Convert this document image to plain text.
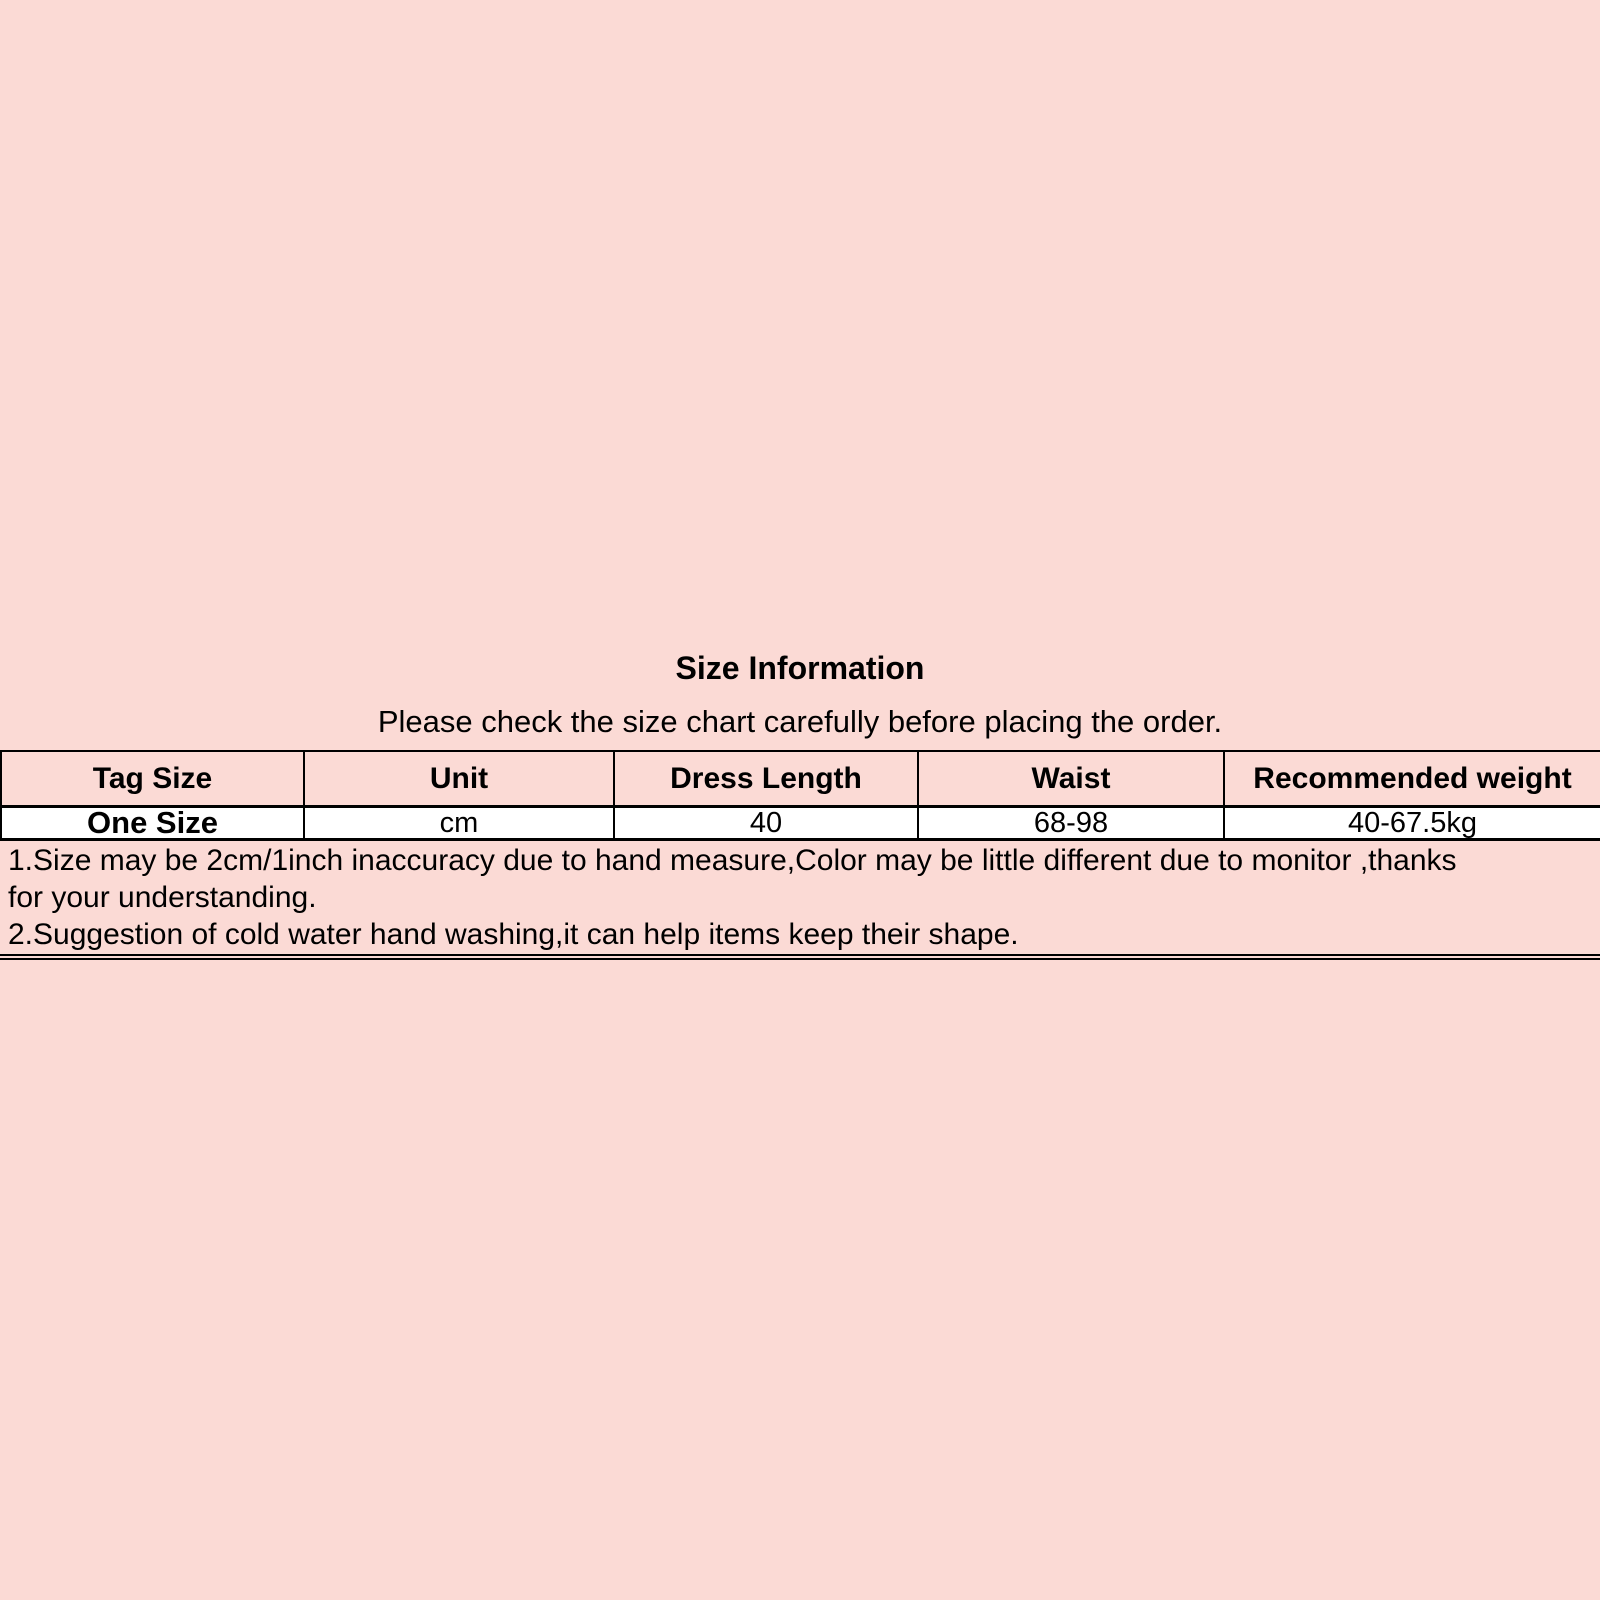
Size Information
Please check the size chart carefully before placing the order.
Tag Size	Unit	Dress Length	Waist	Recommended weight
One Size	cm	40	68-98	40-67.5kg
1.Size may be 2cm/1inch inaccuracy due to hand measure,Color may be little different due to monitor ,thanks
for your understanding.
2.Suggestion of cold water hand washing,it can help items keep their shape.
